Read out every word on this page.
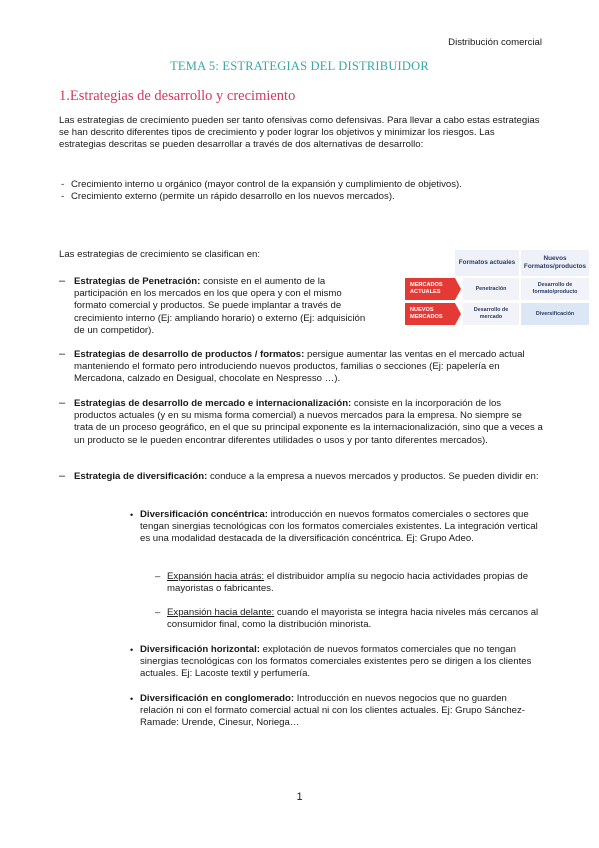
Distribución comercial
TEMA 5: ESTRATEGIAS DEL DISTRIBUIDOR
1.Estrategias de desarrollo y crecimiento
Las estrategias de crecimiento pueden ser tanto ofensivas como defensivas. Para llevar a cabo estas estrategias se han descrito diferentes tipos de crecimiento y poder lograr los objetivos y minimizar los riesgos. Las estrategias descritas se pueden desarrollar a través de dos alternativas de desarrollo:
- Crecimiento interno u orgánico (mayor control de la expansión y cumplimiento de objetivos).
- Crecimiento externo (permite un rápido desarrollo en los nuevos mercados).
Las estrategias de crecimiento se clasifican en:
– Estrategias de Penetración: consiste en el aumento de la participación en los mercados en los que opera y con el mismo formato comercial y productos. Se puede implantar a través de crecimiento interno (Ej: ampliando horario) o externo (Ej: adquisición de un competidor).
Formatos actuales
Nuevos Formatos/productos
MERCADOS ACTUALES
NUEVOS MERCADOS
Penetración
Desarrollo de formato/producto
Desarrollo de mercado
Diversificación
– Estrategias de desarrollo de productos / formatos: persigue aumentar las ventas en el mercado actual manteniendo el formato pero introduciendo nuevos productos, familias o secciones (Ej: papelería en Mercadona, calzado en Desigual, chocolate en Nespresso …).
– Estrategias de desarrollo de mercado e internacionalización: consiste en la incorporación de los productos actuales (y en su misma forma comercial) a nuevos mercados para la empresa. No siempre se trata de un proceso geográfico, en el que su principal exponente es la internacionalización, sino que a veces a un producto se le pueden encontrar diferentes utilidades o usos y por tanto diferentes mercados).
– Estrategia de diversificación: conduce a la empresa a nuevos mercados y productos. Se pueden dividir en:
• Diversificación concéntrica: introducción en nuevos formatos comerciales o sectores que tengan sinergias tecnológicas con los formatos comerciales existentes. La integración vertical es una modalidad destacada de la diversificación concéntrica. Ej: Grupo Adeo.
– Expansión hacia atrás: el distribuidor amplía su negocio hacia actividades propias de mayoristas o fabricantes.
– Expansión hacia delante: cuando el mayorista se integra hacia niveles más cercanos al consumidor final, como la distribución minorista.
• Diversificación horizontal: explotación de nuevos formatos comerciales que no tengan sinergias tecnológicas con los formatos comerciales existentes pero se dirigen a los clientes actuales. Ej: Lacoste textil y perfumería.
• Diversificación en conglomerado: Introducción en nuevos negocios que no guarden relación ni con el formato comercial actual ni con los clientes actuales. Ej: Grupo Sánchez-Ramade: Urende, Cinesur, Noriega…
1
